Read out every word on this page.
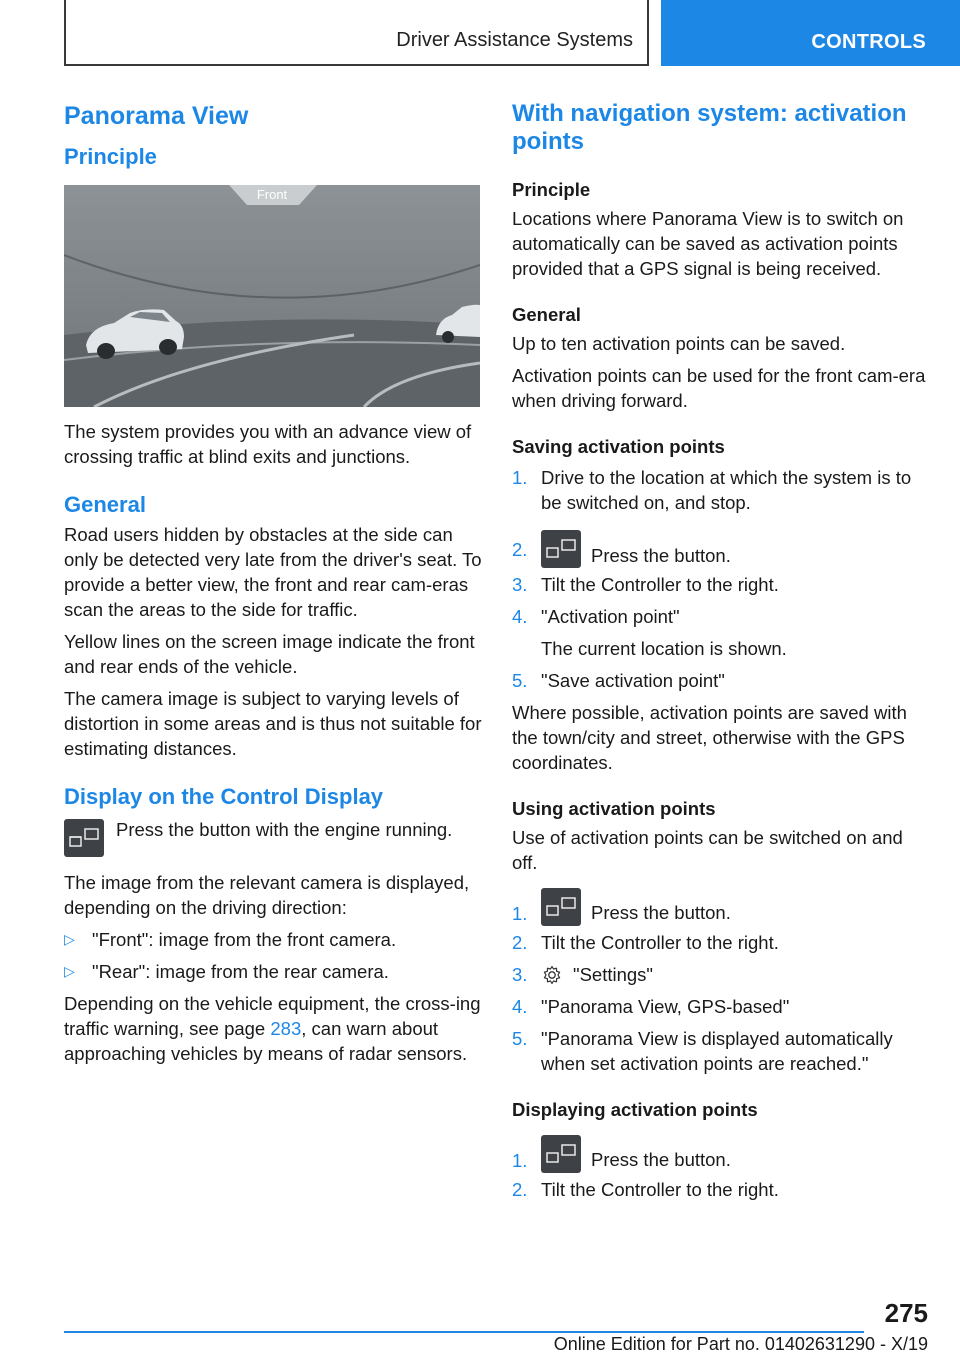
Driver Assistance Systems	CONTROLS
Panorama View
Principle
Front

The system provides you with an advance view of crossing traffic at blind exits and junctions.

General

Road users hidden by obstacles at the side can only be detected very late from the driver's seat. To provide a better view, the front and rear cam‐eras scan the areas to the side for traffic.

Yellow lines on the screen image indicate the front and rear ends of the vehicle.

The camera image is subject to varying levels of distortion in some areas and is thus not suitable for estimating distances.

Display on the Control Display
Press the button with the engine running.

The image from the relevant camera is displayed, depending on the driving direction:

▷ "Front": image from the front camera.
▷ "Rear": image from the rear camera.

Depending on the vehicle equipment, the cross‐ing traffic warning, see page 283, can warn about approaching vehicles by means of radar sensors.

With navigation system: activation points
Principle

Locations where Panorama View is to switch on automatically can be saved as activation points provided that a GPS signal is being received.

General

Up to ten activation points can be saved.

Activation points can be used for the front cam‐era when driving forward.

Saving activation points
1. Drive to the location at which the system is to be switched on, and stop.
2.	Press the button.
3. Tilt the Controller to the right.
4. "Activation point"
The current location is shown.
5. "Save activation point"

Where possible, activation points are saved with the town/city and street, otherwise with the GPS coordinates.

Using activation points

Use of activation points can be switched on and off.

1.	Press the button.
2. Tilt the Controller to the right.
3.	"Settings"
4. "Panorama View, GPS-based"
5. "Panorama View is displayed automatically when set activation points are reached."
Displaying activation points
1.	Press the button.
2. Tilt the Controller to the right.
275
Online Edition for Part no. 01402631290 - X/19
